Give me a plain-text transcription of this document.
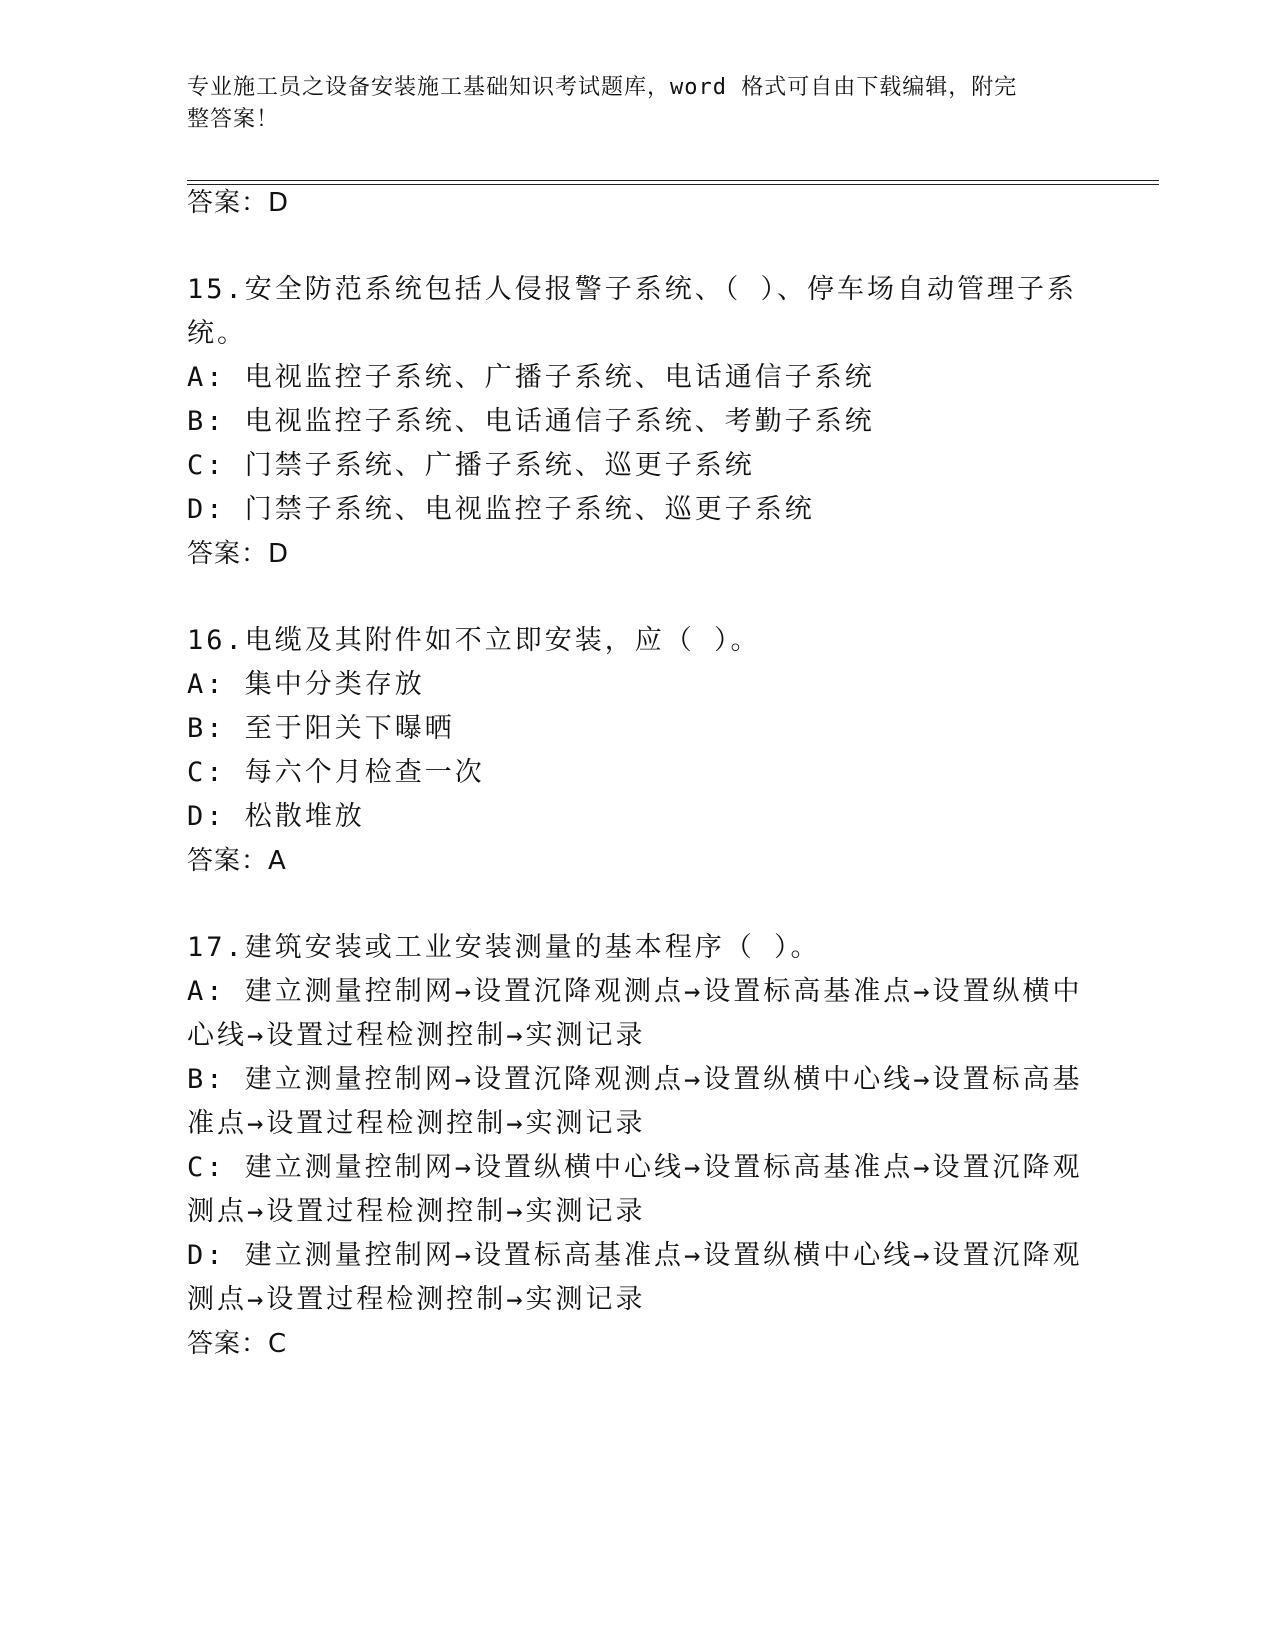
专业施工员之设备安装施工基础知识考试题库，word 格式可自由下载编辑，附完
整答案！
答案：D
15.安全防范系统包括人侵报警子系统、（ ）、停车场自动管理子系
统。
A: 电视监控子系统、广播子系统、电话通信子系统
B: 电视监控子系统、电话通信子系统、考勤子系统
C: 门禁子系统、广播子系统、巡更子系统
D: 门禁子系统、电视监控子系统、巡更子系统
答案：D
16.电缆及其附件如不立即安装，应（ ）。
A: 集中分类存放
B: 至于阳关下曝晒
C: 每六个月检查一次
D: 松散堆放
答案：A
17.建筑安装或工业安装测量的基本程序（ ）。
A: 建立测量控制网→设置沉降观测点→设置标高基准点→设置纵横中
心线→设置过程检测控制→实测记录
B: 建立测量控制网→设置沉降观测点→设置纵横中心线→设置标高基
准点→设置过程检测控制→实测记录
C: 建立测量控制网→设置纵横中心线→设置标高基准点→设置沉降观
测点→设置过程检测控制→实测记录
D: 建立测量控制网→设置标高基准点→设置纵横中心线→设置沉降观
测点→设置过程检测控制→实测记录
答案：C
